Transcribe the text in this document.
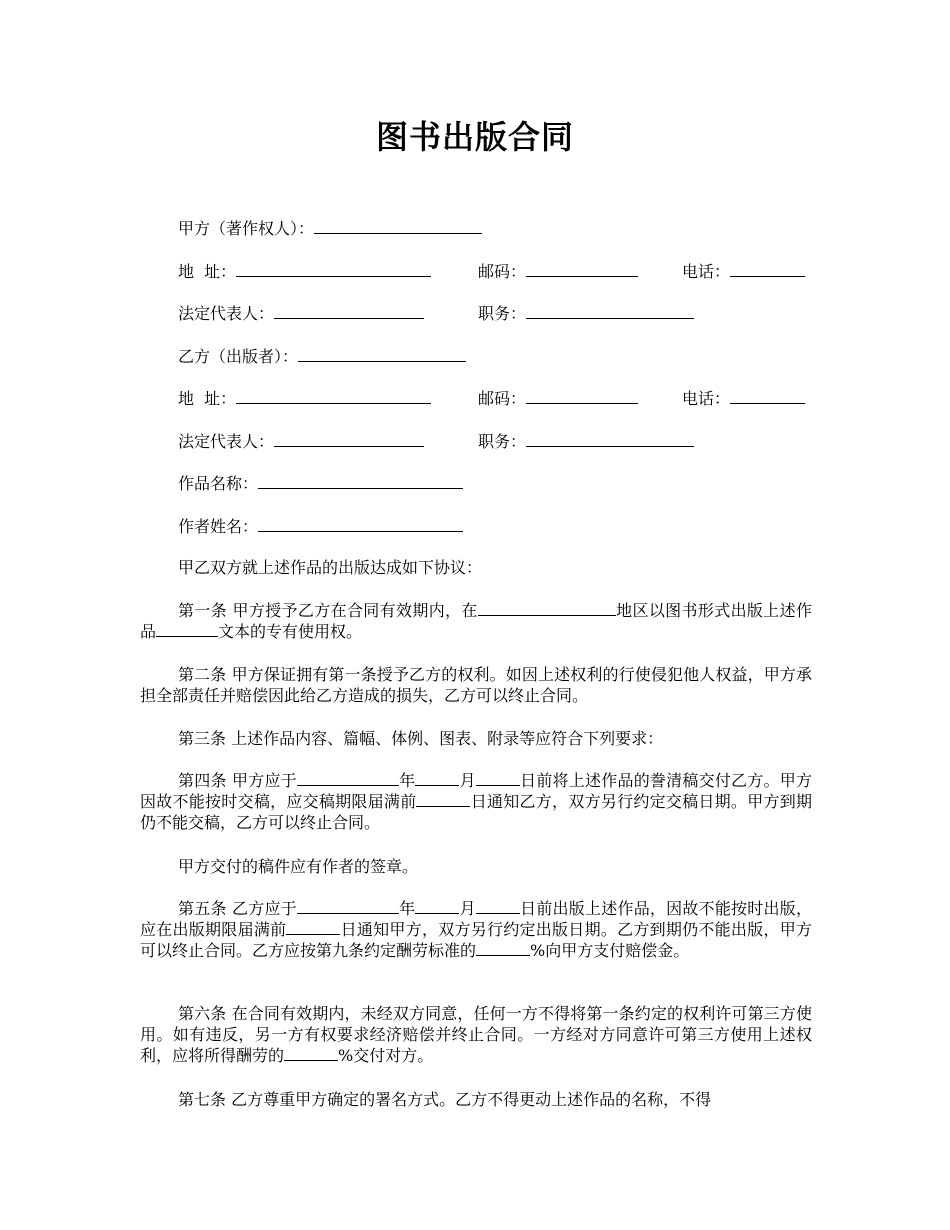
图书出版合同
甲方（著作权人）：
地  址：	邮码：	电话：
法定代表人：	职务：
乙方（出版者）：
地  址：	邮码：	电话：
法定代表人：	职务：
作品名称：
作者姓名：
甲乙双方就上述作品的出版达成如下协议：
第一条 甲方授予乙方在合同有效期内，在	地区以图书形式出版上述作品	文本的专有使用权。
第二条 甲方保证拥有第一条授予乙方的权利。如因上述权利的行使侵犯他人权益，甲方承担全部责任并赔偿因此给乙方造成的损失，乙方可以终止合同。
第三条 上述作品内容、篇幅、体例、图表、附录等应符合下列要求：
第四条 甲方应于	年	月	日前将上述作品的誊清稿交付乙方。甲方因故不能按时交稿，应交稿期限届满前	日通知乙方，双方另行约定交稿日期。甲方到期仍不能交稿，乙方可以终止合同。
甲方交付的稿件应有作者的签章。
第五条 乙方应于	年	月	日前出版上述作品，因故不能按时出版，应在出版期限届满前	日通知甲方，双方另行约定出版日期。乙方到期仍不能出版，甲方可以终止合同。乙方应按第九条约定酬劳标准的	%向甲方支付赔偿金。
第六条 在合同有效期内，未经双方同意，任何一方不得将第一条约定的权利许可第三方使用。如有违反，另一方有权要求经济赔偿并终止合同。一方经对方同意许可第三方使用上述权利，应将所得酬劳的	%交付对方。
第七条 乙方尊重甲方确定的署名方式。乙方不得更动上述作品的名称，不得
